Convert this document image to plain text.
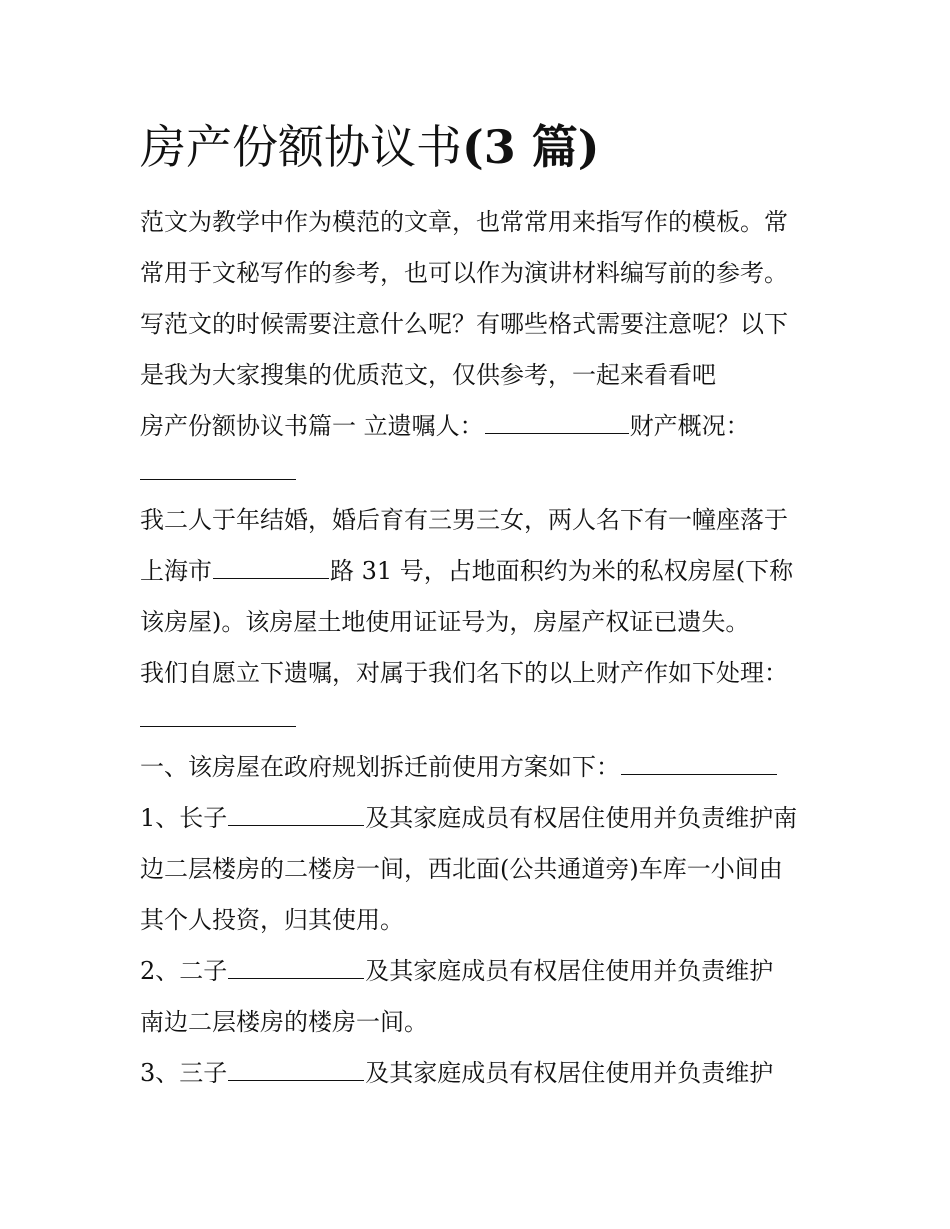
房产份额协议书(3 篇)

范文为教学中作为模范的文章，也常常用来指写作的模板。常

常用于文秘写作的参考，也可以作为演讲材料编写前的参考。

写范文的时候需要注意什么呢？有哪些格式需要注意呢？以下

是我为大家搜集的优质范文，仅供参考，一起来看看吧

房产份额协议书篇一 立遗嘱人：	财产概况：

我二人于年结婚，婚后育有三男三女，两人名下有一幢座落于

上海市	路 31 号，占地面积约为米的私权房屋(下称

该房屋)。该房屋土地使用证证号为，房屋产权证已遗失。

我们自愿立下遗嘱，对属于我们名下的以上财产作如下处理：

一、该房屋在政府规划拆迁前使用方案如下：

1、长子	及其家庭成员有权居住使用并负责维护南

边二层楼房的二楼房一间，西北面(公共通道旁)车库一小间由

其个人投资，归其使用。

2、二子	及其家庭成员有权居住使用并负责维护

南边二层楼房的楼房一间。

3、三子	及其家庭成员有权居住使用并负责维护
